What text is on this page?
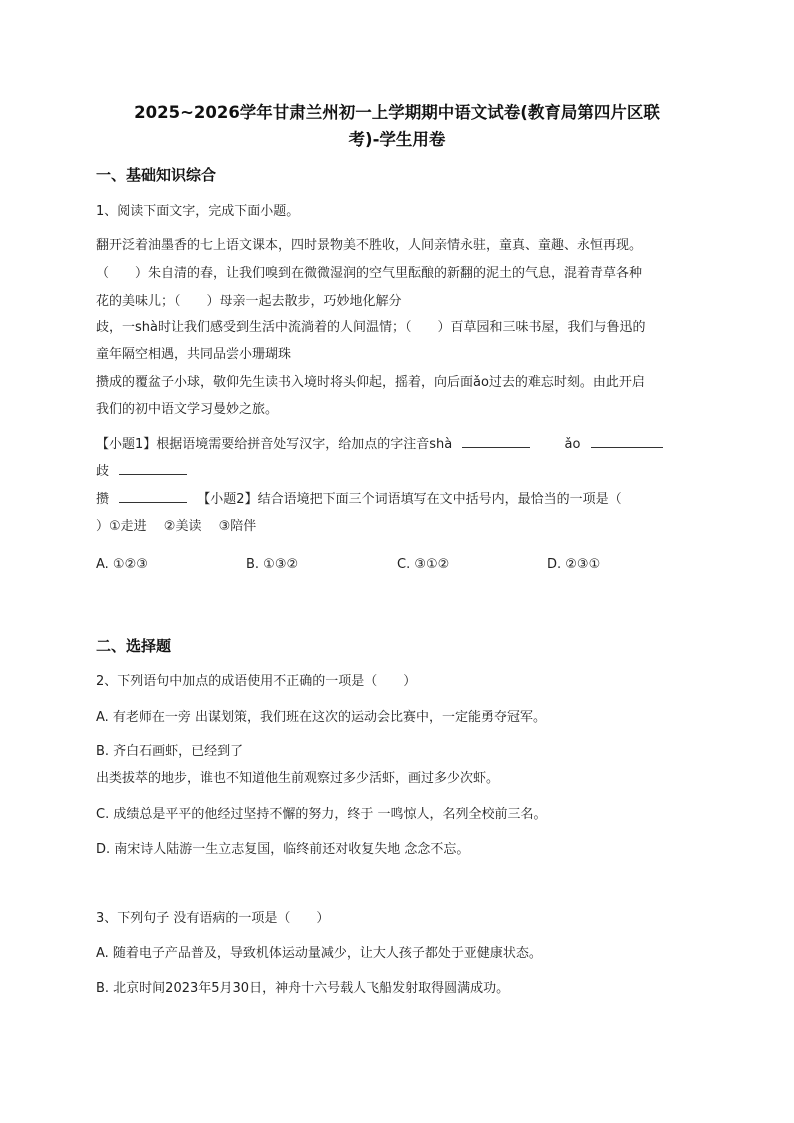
2025~2026学年甘肃兰州初一上学期期中语文试卷(教育局第四片区联
考)-学生用卷
一、基础知识综合
1、阅读下面文字，完成下面小题。
翻开泛着油墨香的七上语文课本，四时景物美不胜收，人间亲情永驻，童真、童趣、永恒再现。
（　　）朱自清的春，让我们嗅到在微微湿润的空气里酝酿的新翻的泥土的气息，混着青草各种
花的美味儿；（　　）母亲一起去散步，巧妙地化解分
歧，一shà时让我们感受到生活中流淌着的人间温情；（　　）百草园和三味书屋，我们与鲁迅的
童年隔空相遇，共同品尝小珊瑚珠
攒成的覆盆子小球，敬仰先生读书入境时将头仰起，摇着，向后面ǎo过去的难忘时刻。由此开启
我们的初中语文学习曼妙之旅。
【小题1】根据语境需要给拼音处写汉字，给加点的字注音shà	ǎo
歧
攒	【小题2】结合语境把下面三个词语填写在文中括号内，最恰当的一项是（
）①走进　 ②美读　 ③陪伴
A. ①②③	B. ①③②	C. ③①②	D. ②③①
二、选择题
2、下列语句中加点的成语使用不正确的一项是（　　）
A. 有老师在一旁 出谋划策，我们班在这次的运动会比赛中，一定能勇夺冠军。
B. 齐白石画虾，已经到了
出类拔萃的地步，谁也不知道他生前观察过多少活虾，画过多少次虾。
C. 成绩总是平平的他经过坚持不懈的努力，终于 一鸣惊人，名列全校前三名。
D. 南宋诗人陆游一生立志复国，临终前还对收复失地 念念不忘。
3、下列句子 没有语病的一项是（　　）
A. 随着电子产品普及，导致机体运动量减少，让大人孩子都处于亚健康状态。
B. 北京时间2023年5月30日，神舟十六号载人飞船发射取得圆满成功。
